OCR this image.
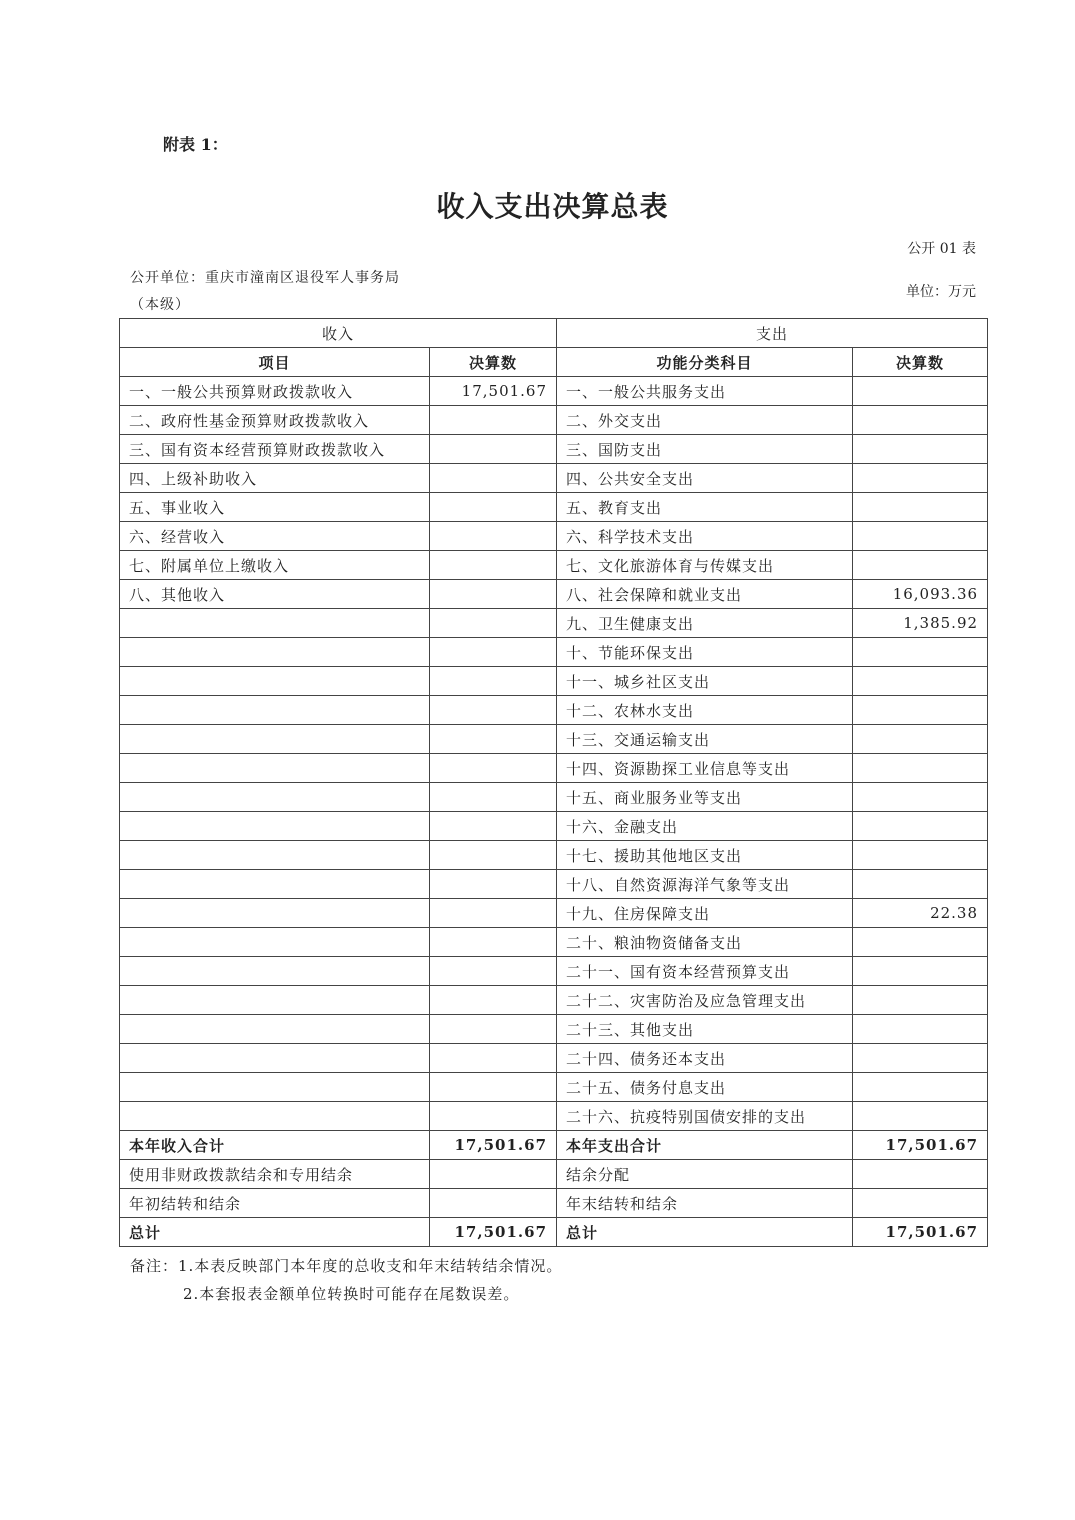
附表 1：
收入支出决算总表
公开 01 表
公开单位：重庆市潼南区退役军人事务局
（本级）
单位：万元
收入		支出	
项目	决算数	功能分类科目	决算数
一、一般公共预算财政拨款收入	17,501.67	一、一般公共服务支出	
二、政府性基金预算财政拨款收入		二、外交支出	
三、国有资本经营预算财政拨款收入		三、国防支出	
四、上级补助收入		四、公共安全支出	
五、事业收入		五、教育支出	
六、经营收入		六、科学技术支出	
七、附属单位上缴收入		七、文化旅游体育与传媒支出	
八、其他收入		八、社会保障和就业支出	16,093.36
		九、卫生健康支出	1,385.92
		十、节能环保支出	
		十一、城乡社区支出	
		十二、农林水支出	
		十三、交通运输支出	
		十四、资源勘探工业信息等支出	
		十五、商业服务业等支出	
		十六、金融支出	
		十七、援助其他地区支出	
		十八、自然资源海洋气象等支出	
		十九、住房保障支出	22.38
		二十、粮油物资储备支出	
		二十一、国有资本经营预算支出	
		二十二、灾害防治及应急管理支出	
		二十三、其他支出	
		二十四、债务还本支出	
		二十五、债务付息支出	
		二十六、抗疫特别国债安排的支出	
本年收入合计	17,501.67	本年支出合计	17,501.67
使用非财政拨款结余和专用结余		结余分配	
年初结转和结余		年末结转和结余	
总计	17,501.67	总计	17,501.67
备注：1.本表反映部门本年度的总收支和年末结转结余情况。
2.本套报表金额单位转换时可能存在尾数误差。
